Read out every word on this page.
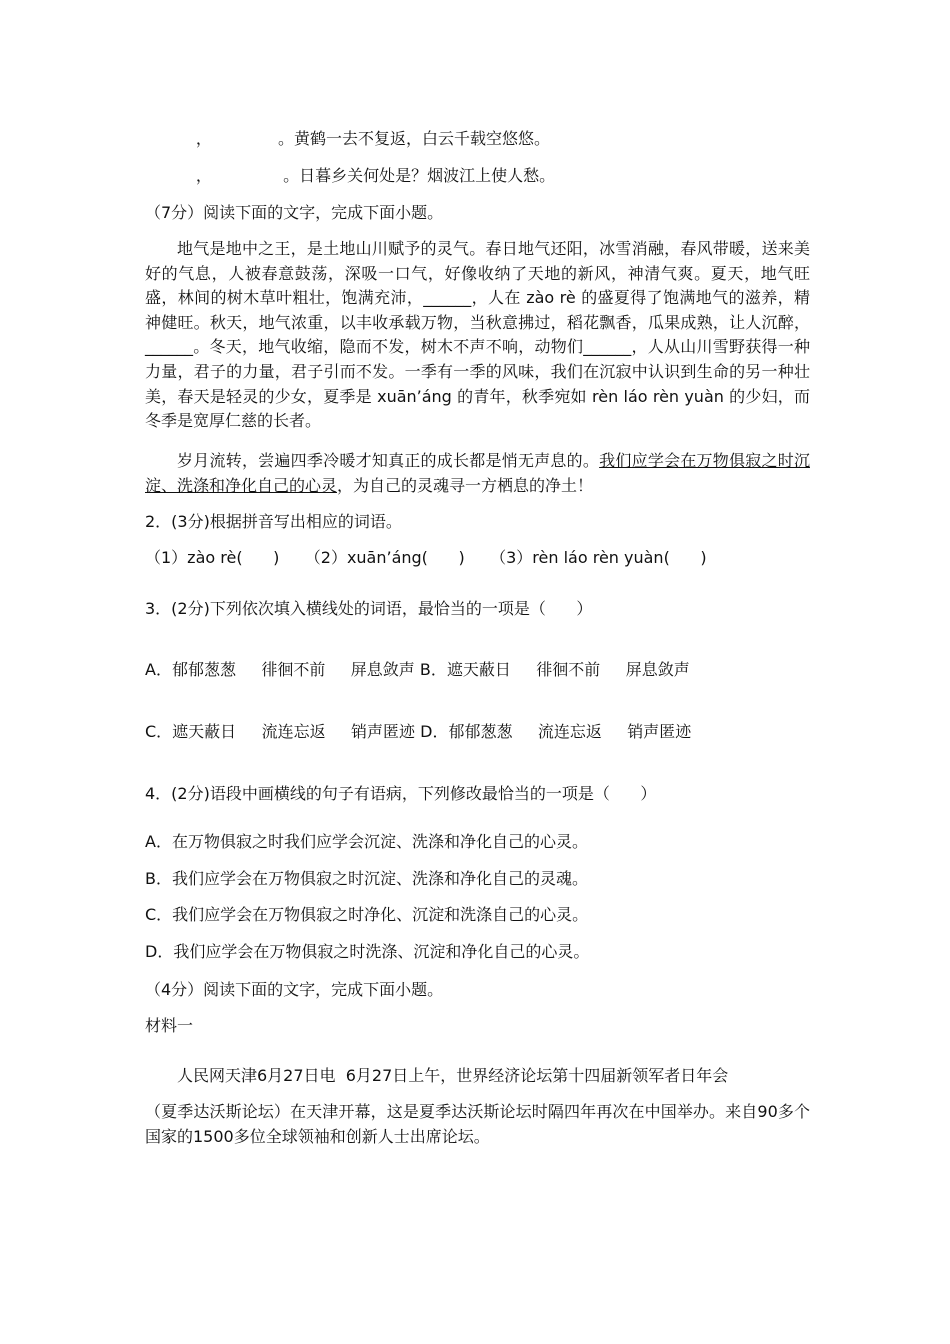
，             。黄鹤一去不复返，白云千载空悠悠。
，              。日暮乡关何处是？烟波江上使人愁。
（7分）阅读下面的文字，完成下面小题。

地气是地中之王，是土地山川赋予的灵气。春日地气还阳，冰雪消融，春风带暖，送来美好的气息，人被春意鼓荡，深吸一口气，好像收纳了天地的新风，神清气爽。夏天，地气旺盛，林间的树木草叶粗壮，饱满充沛，______，人在 zào rè 的盛夏得了饱满地气的滋养，精神健旺。秋天，地气浓重，以丰收承载万物，当秋意拂过，稻花飘香，瓜果成熟，让人沉醉，______。冬天，地气收缩，隐而不发，树木不声不响，动物们______，人从山川雪野获得一种力量，君子的力量，君子引而不发。一季有一季的风味，我们在沉寂中认识到生命的另一种壮美，春天是轻灵的少女，夏季是 xuān’áng 的青年，秋季宛如 rèn láo rèn yuàn 的少妇，而冬季是宽厚仁慈的长者。

岁月流转，尝遍四季冷暖才知真正的成长都是悄无声息的。我们应学会在万物俱寂之时沉淀、洗涤和净化自己的心灵，为自己的灵魂寻一方栖息的净土！

2．(3分)根据拼音写出相应的词语。
（1）zào rè(      )     （2）xuān’áng(      )     （3）rèn láo rèn yuàn(      )
3．(2分)下列依次填入横线处的词语，最恰当的一项是（      ）
A．郁郁葱葱     徘徊不前     屏息敛声 B．遮天蔽日     徘徊不前     屏息敛声
C．遮天蔽日     流连忘返     销声匿迹 D．郁郁葱葱     流连忘返     销声匿迹
4．(2分)语段中画横线的句子有语病，下列修改最恰当的一项是（      ）
A．在万物俱寂之时我们应学会沉淀、洗涤和净化自己的心灵。
B．我们应学会在万物俱寂之时沉淀、洗涤和净化自己的灵魂。
C．我们应学会在万物俱寂之时净化、沉淀和洗涤自己的心灵。
D．我们应学会在万物俱寂之时洗涤、沉淀和净化自己的心灵。
（4分）阅读下面的文字，完成下面小题。
材料一
人民网天津6月27日电  6月27日上午，世界经济论坛第十四届新领军者日年会

（夏季达沃斯论坛）在天津开幕，这是夏季达沃斯论坛时隔四年再次在中国举办。来自90多个国家的1500多位全球领袖和创新人士出席论坛。
